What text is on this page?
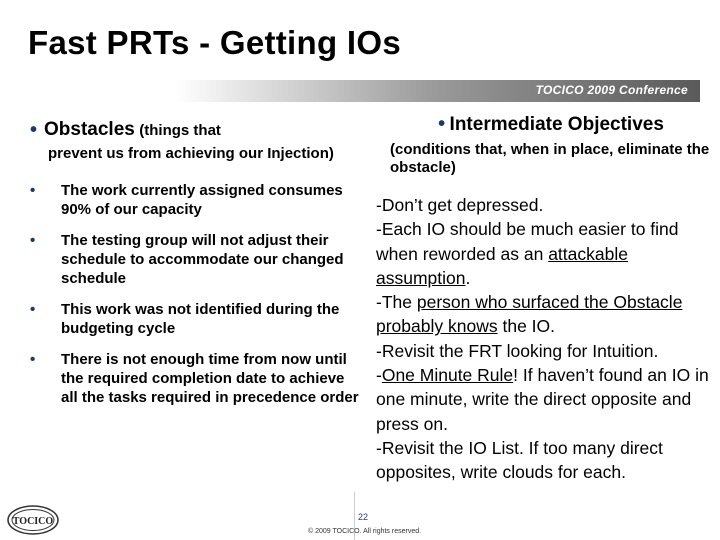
Fast PRTs - Getting IOs
TOCICO 2009 Conference
• Obstacles (things that
prevent us from achieving our Injection)
• The work currently assigned consumes 90% of our capacity
• The testing group will not adjust their schedule to accommodate our changed schedule
• This work was not identified during the budgeting cycle
• There is not enough time from now until the required completion date to achieve all the tasks required in precedence order
• Intermediate Objectives
(conditions that, when in place, eliminate the obstacle)
-Don’t get depressed.
-Each IO should be much easier to find when reworded as an attackable assumption.
-The person who surfaced the Obstacle probably knows the IO.
-Revisit the FRT looking for Intuition.
-One Minute Rule! If haven’t found an IO in one minute, write the direct opposite and press on.
-Revisit the IO List. If too many direct opposites, write clouds for each.
TOCICO	22
© 2009 TOCICO. All rights reserved.
